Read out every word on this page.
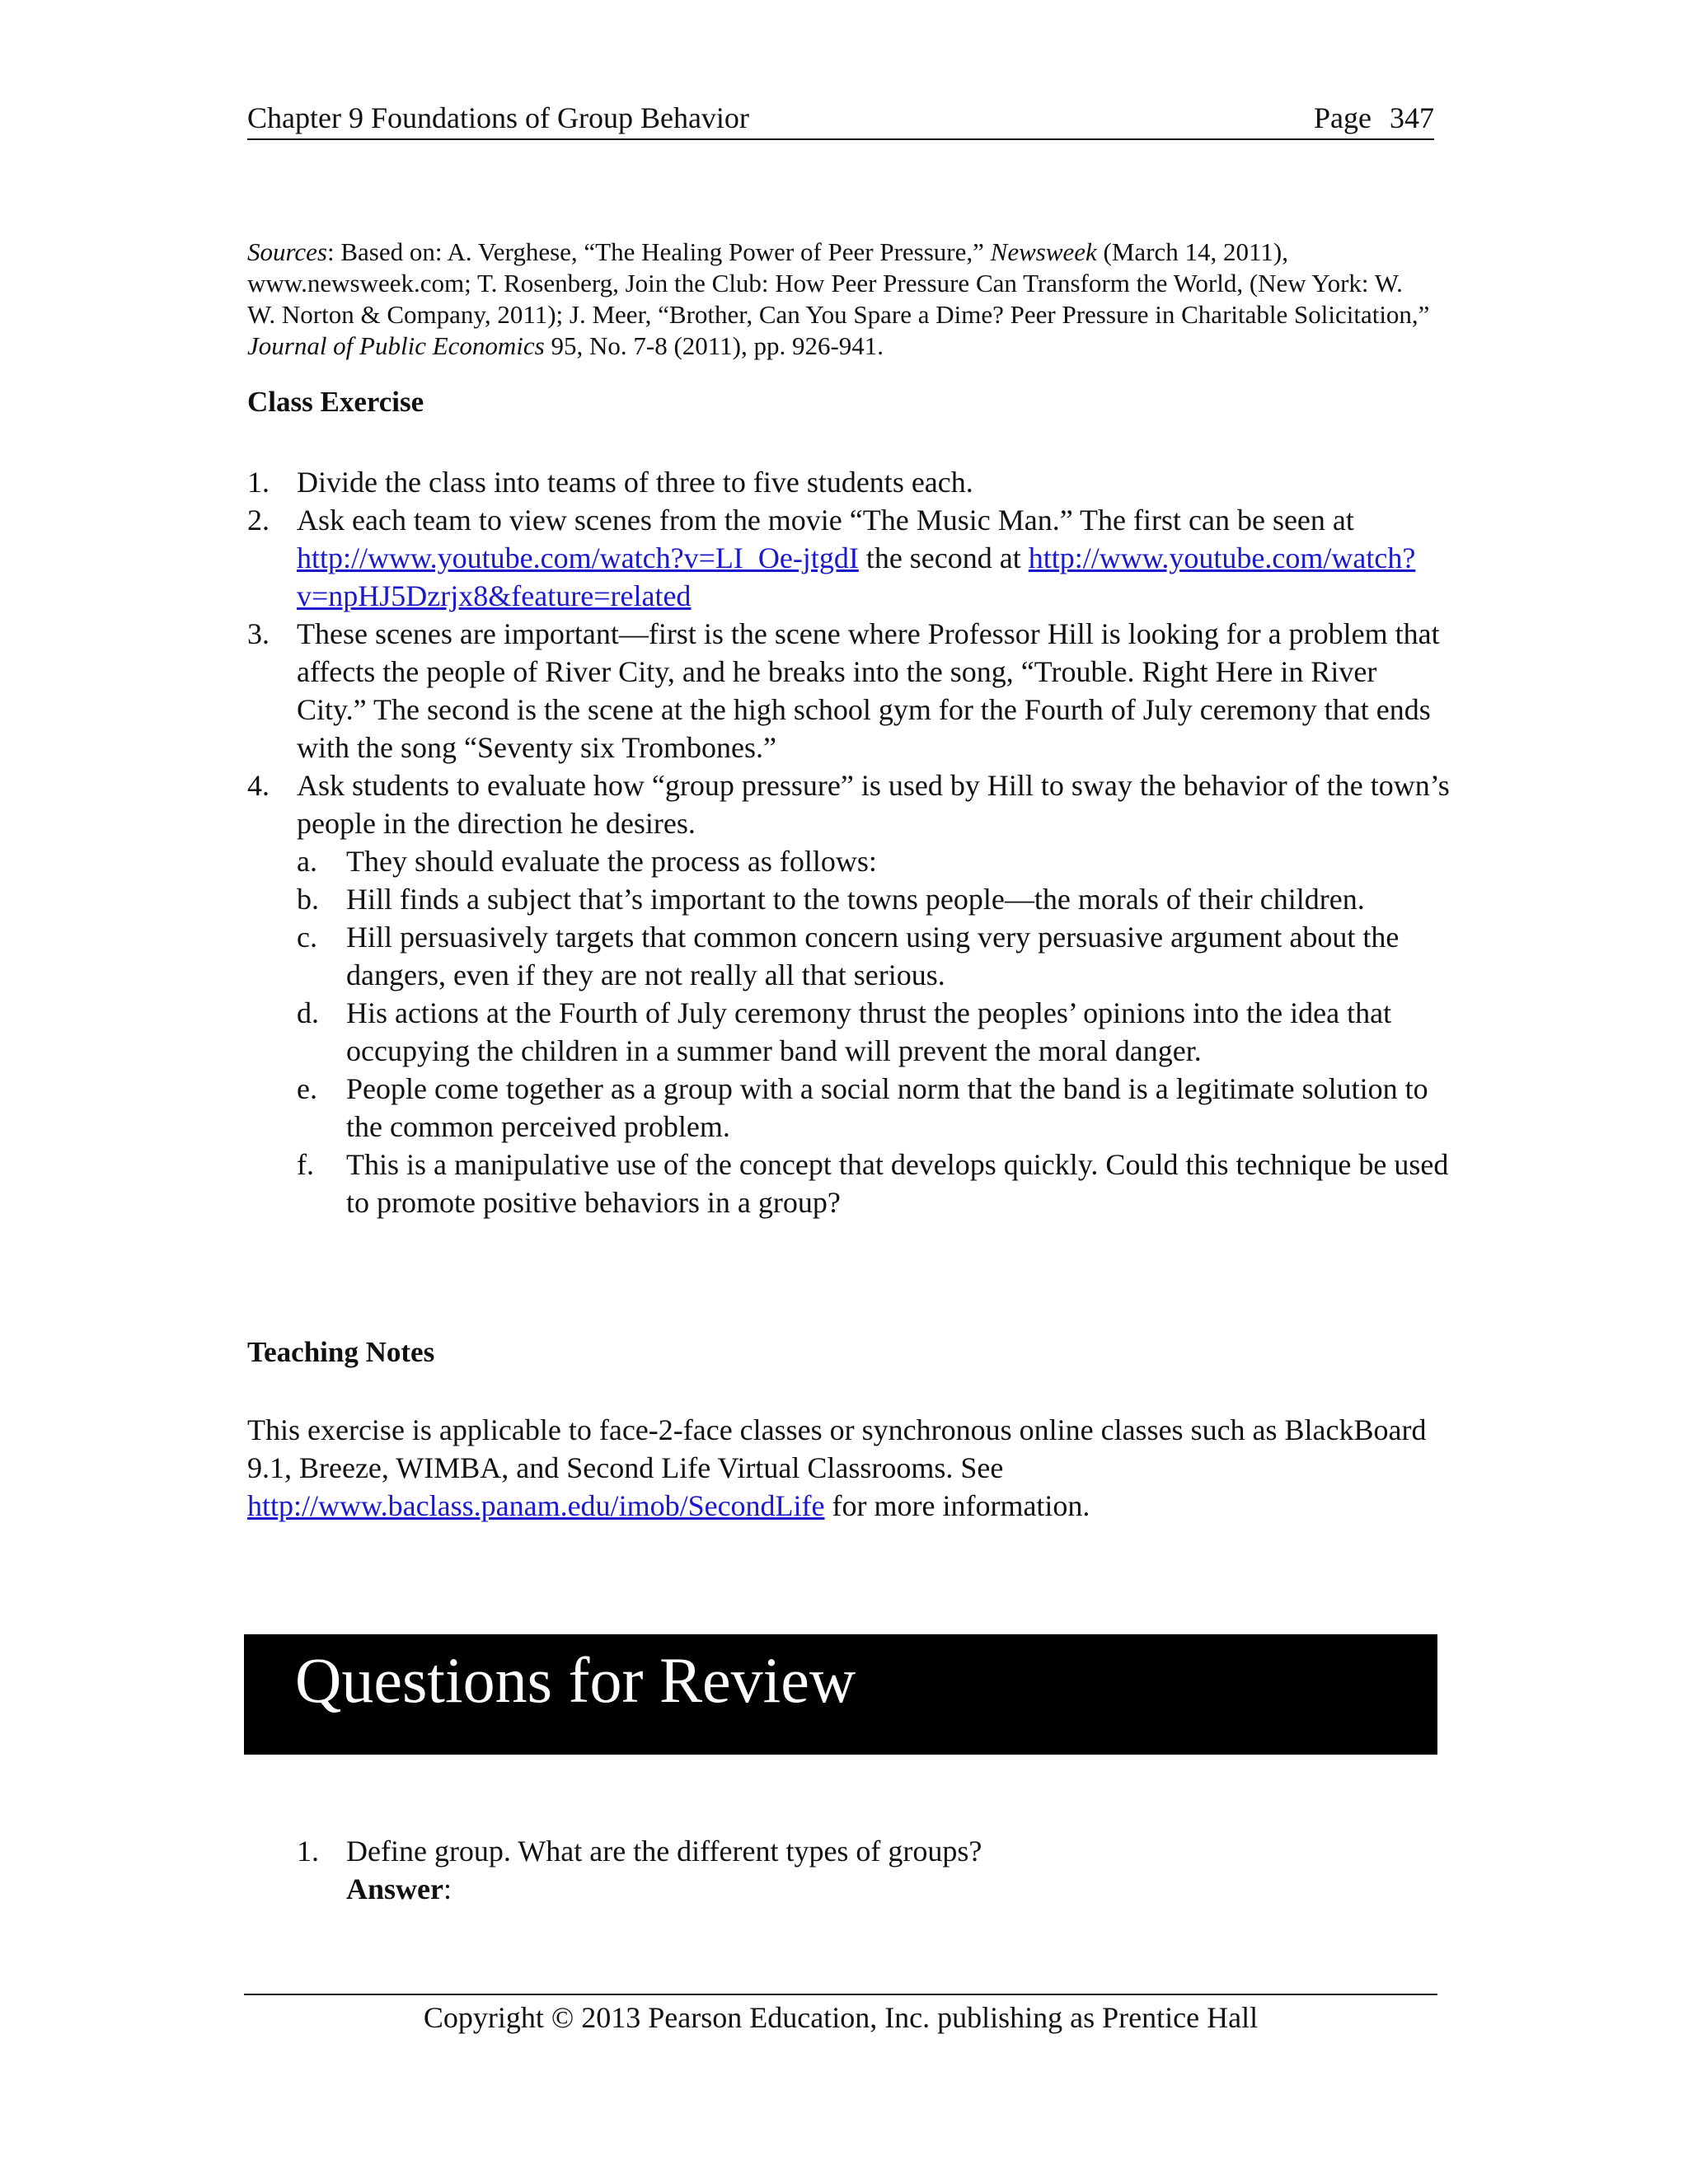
Chapter 9 Foundations of Group Behavior	Page 347

Sources: Based on: A. Verghese, “The Healing Power of Peer Pressure,” Newsweek (March 14, 2011), www.newsweek.com; T. Rosenberg, Join the Club: How Peer Pressure Can Transform the World, (New York: W. W. Norton & Company, 2011); J. Meer, “Brother, Can You Spare a Dime? Peer Pressure in Charitable Solicitation,” Journal of Public Economics 95, No. 7-8 (2011), pp. 926-941.

Class Exercise
1. Divide the class into teams of three to five students each.
2. Ask each team to view scenes from the movie “The Music Man.” The first can be seen at http://www.youtube.com/watch?v=LI_Oe-jtgdI the second at http://www.youtube.com/watch?v=npHJ5Dzrjx8&feature=related
3. These scenes are important—first is the scene where Professor Hill is looking for a problem that affects the people of River City, and he breaks into the song, “Trouble. Right Here in River City.” The second is the scene at the high school gym for the Fourth of July ceremony that ends with the song “Seventy six Trombones.”
4. Ask students to evaluate how “group pressure” is used by Hill to sway the behavior of the town’s people in the direction he desires.
a. They should evaluate the process as follows:
b. Hill finds a subject that’s important to the towns people—the morals of their children.
c. Hill persuasively targets that common concern using very persuasive argument about the dangers, even if they are not really all that serious.
d. His actions at the Fourth of July ceremony thrust the peoples’ opinions into the idea that occupying the children in a summer band will prevent the moral danger.
e. People come together as a group with a social norm that the band is a legitimate solution to the common perceived problem.
f.	This is a manipulative use of the concept that develops quickly. Could this technique be used to promote positive behaviors in a group?
Teaching Notes

This exercise is applicable to face-2-face classes or synchronous online classes such as BlackBoard 9.1, Breeze, WIMBA, and Second Life Virtual Classrooms. See http://www.baclass.panam.edu/imob/SecondLife for more information.

Questions for Review
1. Define group. What are the different types of groups?
Answer:
Copyright © 2013 Pearson Education, Inc. publishing as Prentice Hall
